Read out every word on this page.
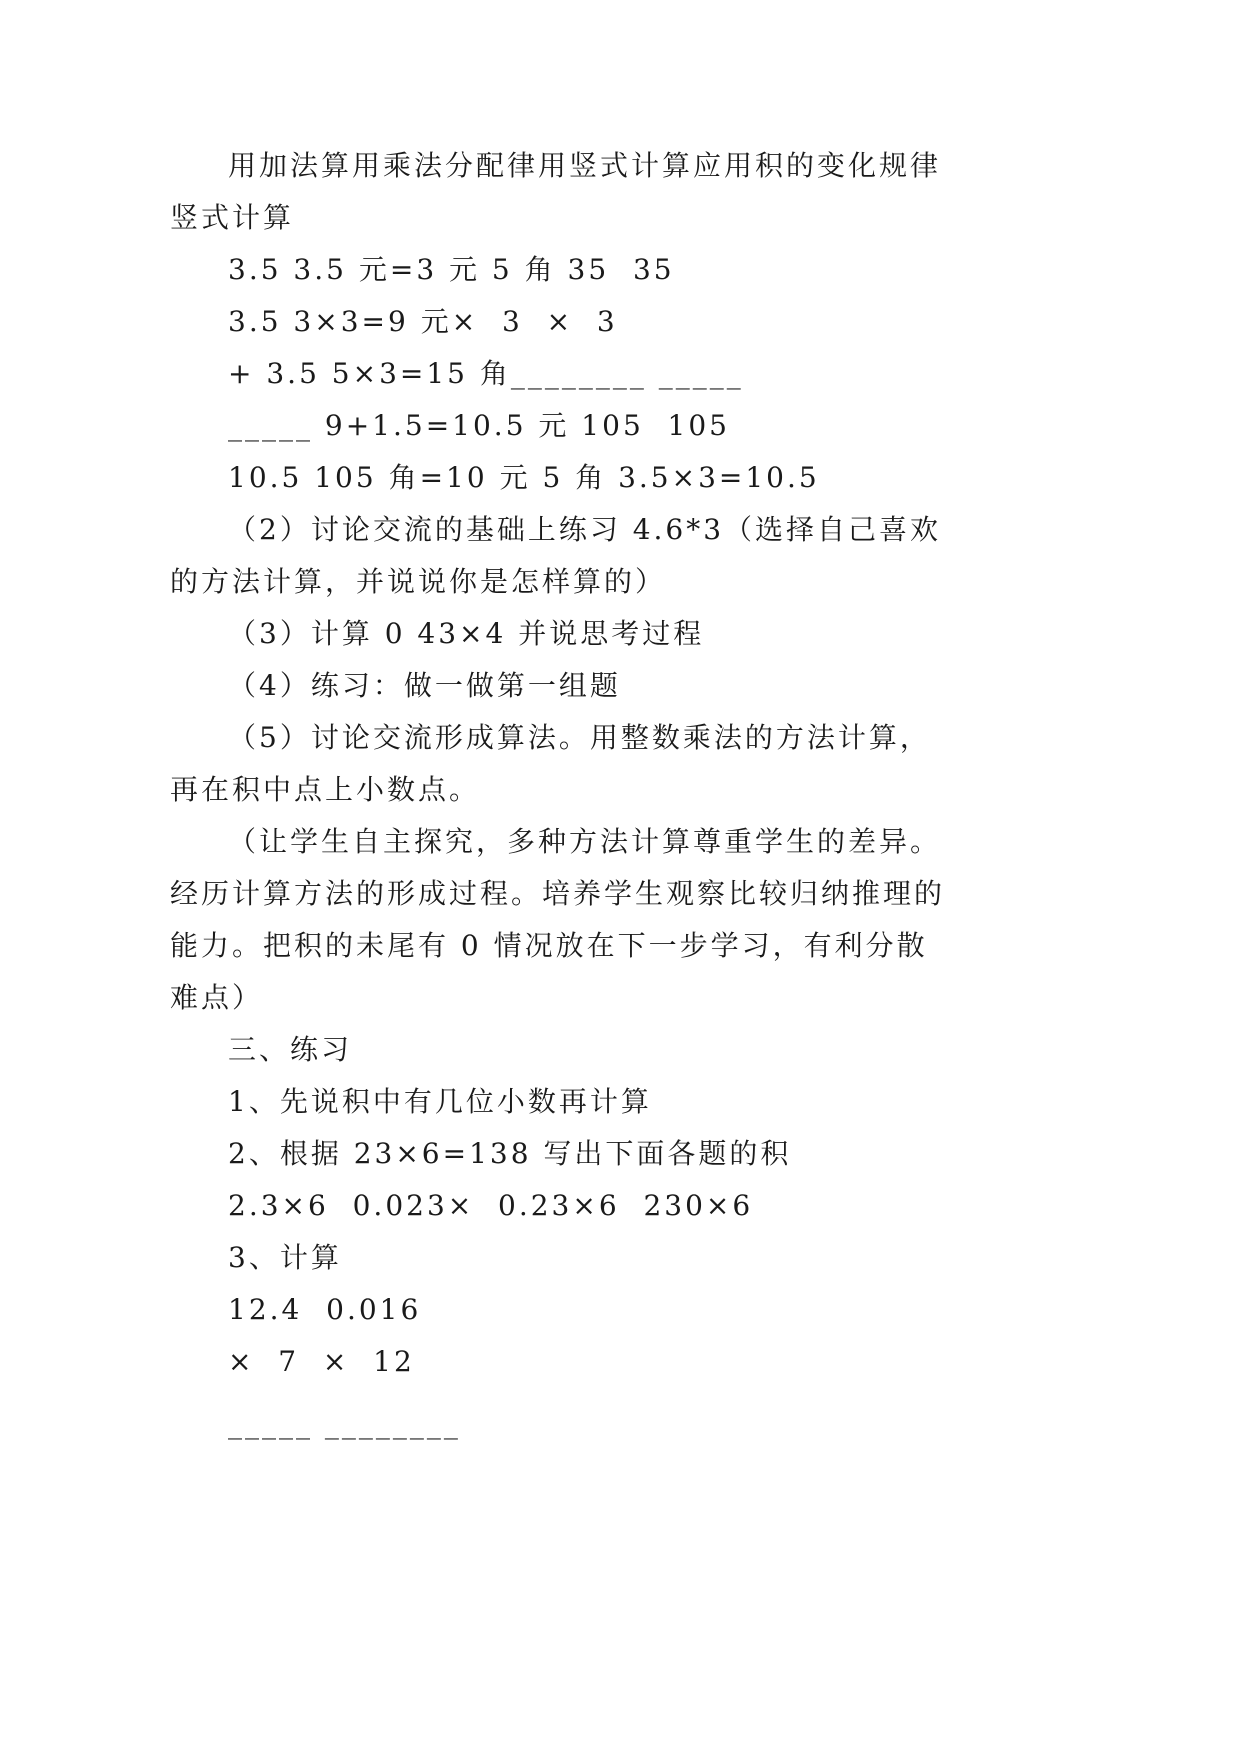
用加法算用乘法分配律用竖式计算应用积的变化规律竖式计算

3.5 3.5 元=3 元 5 角 35  35

3.5 3×3=9 元×  3  ×  3

+ 3.5 5×3=15 角________ _____

_____ 9+1.5=10.5 元 105  105

10.5 105 角=10 元 5 角 3.5×3=10.5

（2）讨论交流的基础上练习 4.6*3（选择自己喜欢的方法计算，并说说你是怎样算的）

（3）计算 0 43×4 并说思考过程

（4）练习：做一做第一组题

（5）讨论交流形成算法。用整数乘法的方法计算，再在积中点上小数点。

（让学生自主探究，多种方法计算尊重学生的差异。经历计算方法的形成过程。培养学生观察比较归纳推理的能力。把积的未尾有 0 情况放在下一步学习，有利分散难点）

三、练习

1、先说积中有几位小数再计算

2、根据 23×6=138 写出下面各题的积

2.3×6  0.023×  0.23×6  230×6

3、计算

12.4  0.016

×  7  ×  12

_____ ________
